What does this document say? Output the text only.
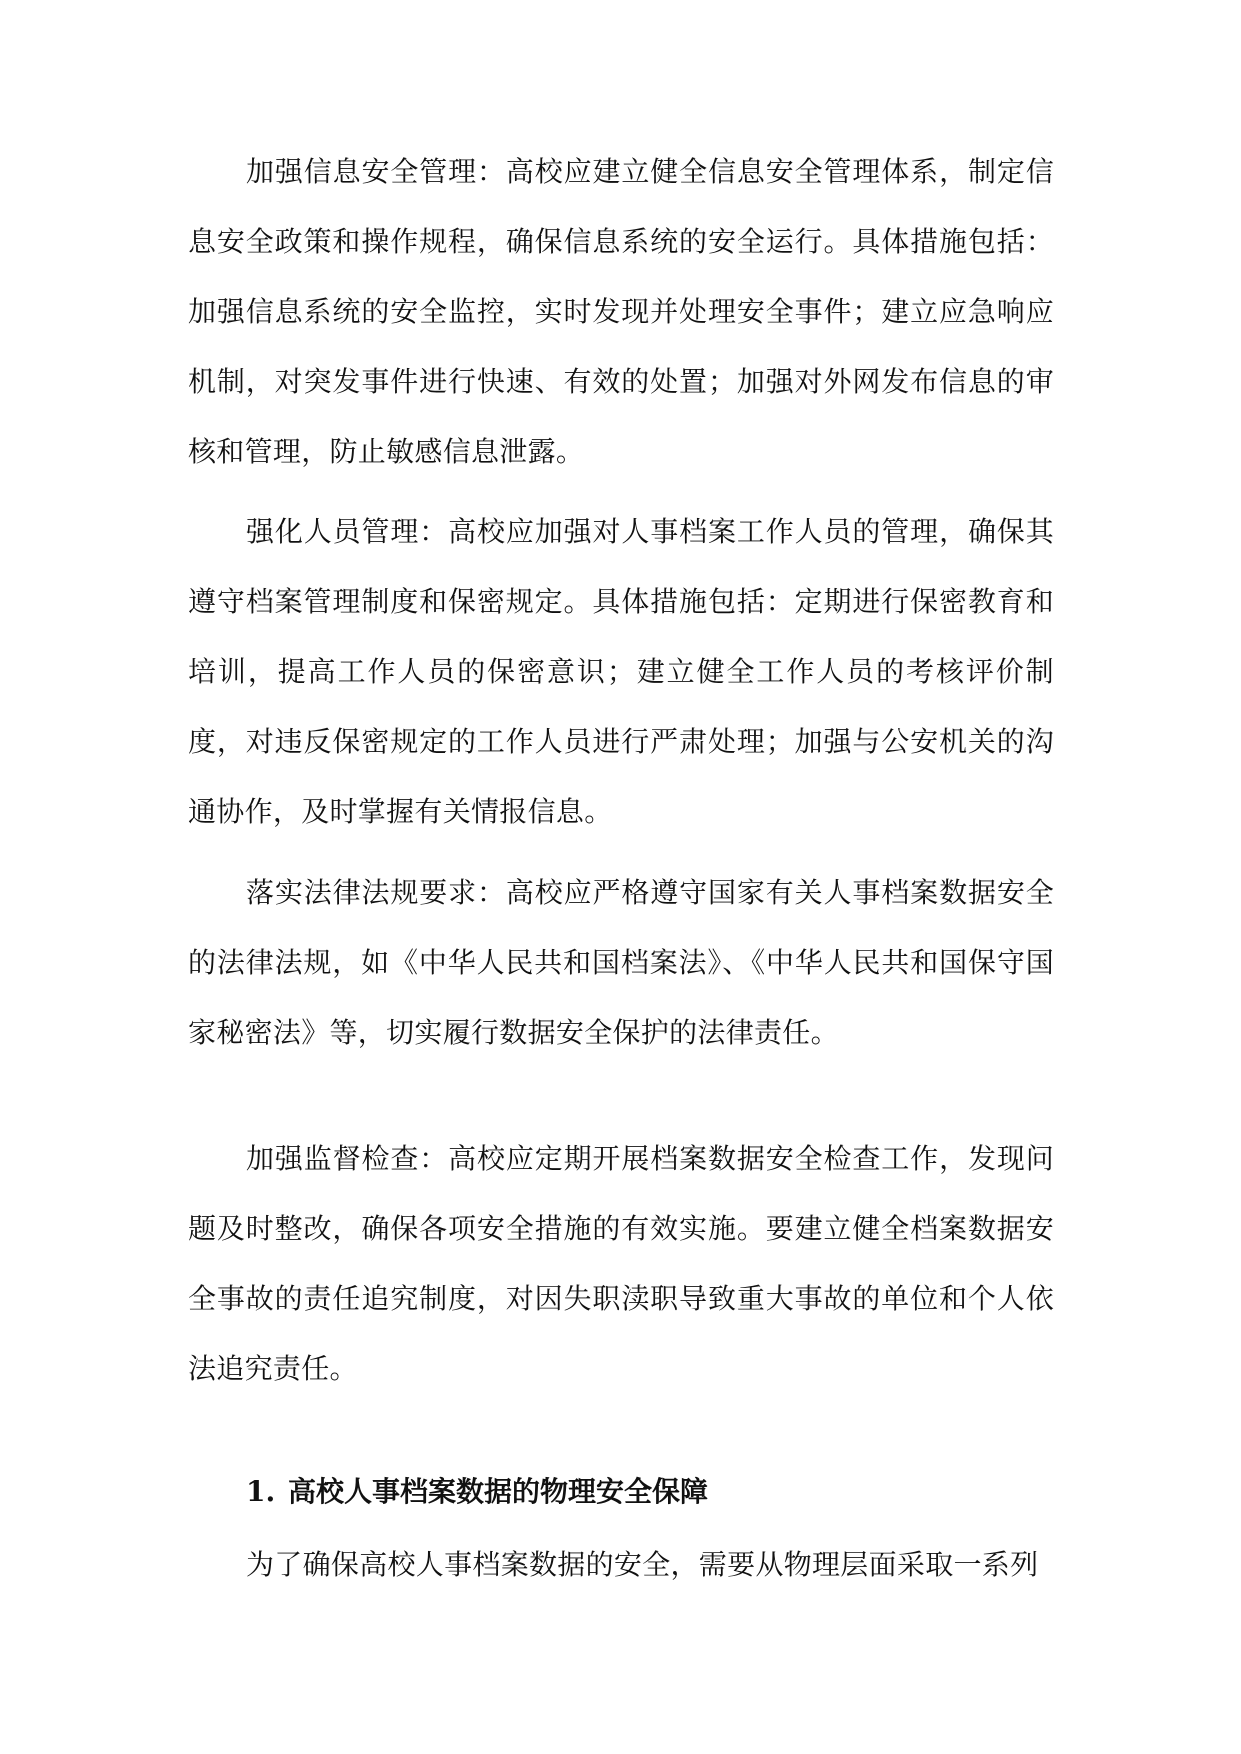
加强信息安全管理：高校应建立健全信息安全管理体系，制定信息安全政策和操作规程，确保信息系统的安全运行。具体措施包括：加强信息系统的安全监控，实时发现并处理安全事件；建立应急响应机制，对突发事件进行快速、有效的处置；加强对外网发布信息的审核和管理，防止敏感信息泄露。

强化人员管理：高校应加强对人事档案工作人员的管理，确保其遵守档案管理制度和保密规定。具体措施包括：定期进行保密教育和培训，提高工作人员的保密意识；建立健全工作人员的考核评价制度，对违反保密规定的工作人员进行严肃处理；加强与公安机关的沟通协作，及时掌握有关情报信息。

落实法律法规要求：高校应严格遵守国家有关人事档案数据安全的法律法规，如《中华人民共和国档案法》、《中华人民共和国保守国家秘密法》等，切实履行数据安全保护的法律责任。

加强监督检查：高校应定期开展档案数据安全检查工作，发现问题及时整改，确保各项安全措施的有效实施。要建立健全档案数据安全事故的责任追究制度，对因失职渎职导致重大事故的单位和个人依法追究责任。

1. 高校人事档案数据的物理安全保障

为了确保高校人事档案数据的安全，需要从物理层面采取一系列
